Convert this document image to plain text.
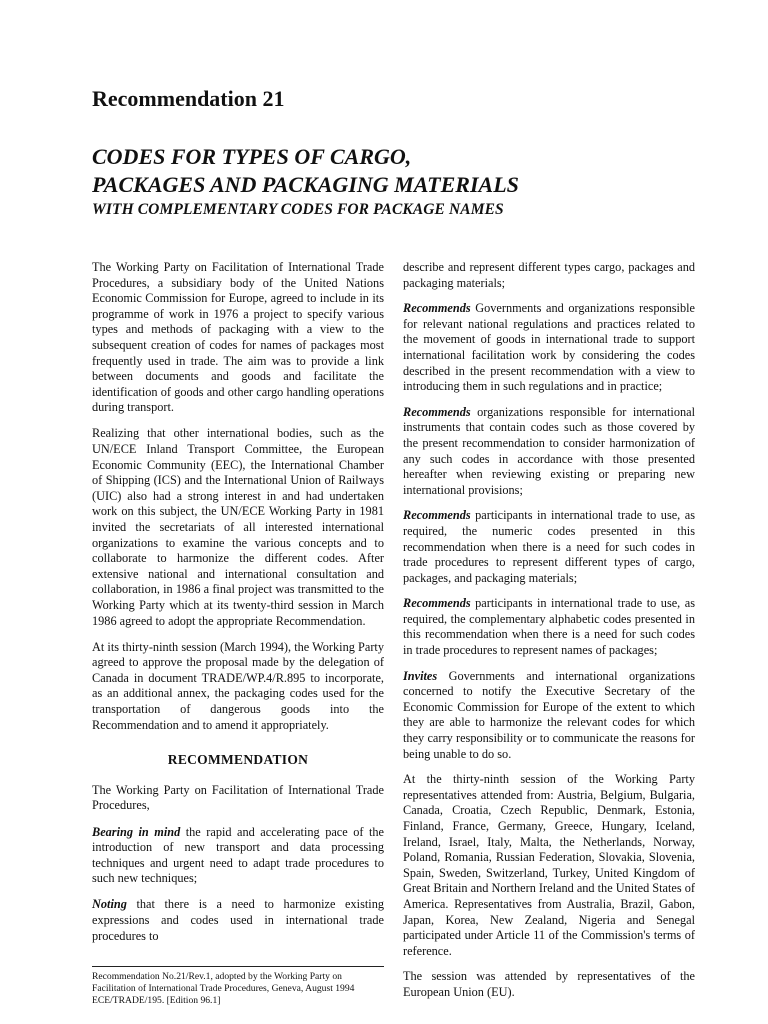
Recommendation 21
CODES FOR TYPES OF CARGO,
PACKAGES AND PACKAGING MATERIALS
WITH COMPLEMENTARY CODES FOR PACKAGE NAMES

The Working Party on Facilitation of International Trade Procedures, a subsidiary body of the United Nations Economic Commission for Europe, agreed to include in its programme of work in 1976 a project to specify various types and methods of packaging with a view to the subsequent creation of codes for names of packages most frequently used in trade. The aim was to provide a link between documents and goods and facilitate the identification of goods and other cargo handling operations during transport.

Realizing that other international bodies, such as the UN/ECE Inland Transport Committee, the European Economic Community (EEC), the International Chamber of Shipping (ICS) and the International Union of Railways (UIC) also had a strong interest in and had undertaken work on this subject, the UN/ECE Working Party in 1981 invited the secretariats of all interested international organizations to examine the various concepts and to collaborate to harmonize the different codes. After extensive national and international consultation and collaboration, in 1986 a final project was transmitted to the Working Party which at its twenty-third session in March 1986 agreed to adopt the appropriate Recommendation.

At its thirty-ninth session (March 1994), the Working Party agreed to approve the proposal made by the delegation of Canada in document TRADE/WP.4/R.895 to incorporate, as an additional annex, the packaging codes used for the transportation of dangerous goods into the Recommendation and to amend it appropriately.

RECOMMENDATION

The Working Party on Facilitation of International Trade Procedures,

Bearing in mind the rapid and accelerating pace of the introduction of new transport and data processing techniques and urgent need to adapt trade procedures to such new techniques;

Noting that there is a need to harmonize existing expressions and codes used in international trade procedures to

describe and represent different types cargo, packages and packaging materials;

Recommends Governments and organizations responsible for relevant national regulations and practices related to the movement of goods in international trade to support international facilitation work by considering the codes described in the present recommendation with a view to introducing them in such regulations and in practice;

Recommends organizations responsible for international instruments that contain codes such as those covered by the present recommendation to consider harmonization of any such codes in accordance with those presented hereafter when reviewing existing or preparing new international provisions;

Recommends participants in international trade to use, as required, the numeric codes presented in this recommendation when there is a need for such codes in trade procedures to represent different types of cargo, packages, and packaging materials;

Recommends participants in international trade to use, as required, the complementary alphabetic codes presented in this recommendation when there is a need for such codes in trade procedures to represent names of packages;

Invites Governments and international organizations concerned to notify the Executive Secretary of the Economic Commission for Europe of the extent to which they are able to harmonize the relevant codes for which they carry responsibility or to communicate the reasons for being unable to do so.

At the thirty-ninth session of the Working Party representatives attended from: Austria, Belgium, Bulgaria, Canada, Croatia, Czech Republic, Denmark, Estonia, Finland, France, Germany, Greece, Hungary, Iceland, Ireland, Israel, Italy, Malta, the Netherlands, Norway, Poland, Romania, Russian Federation, Slovakia, Slovenia, Spain, Sweden, Switzerland, Turkey, United Kingdom of Great Britain and Northern Ireland and the United States of America. Representatives from Australia, Brazil, Gabon, Japan, Korea, New Zealand, Nigeria and Senegal participated under Article 11 of the Commission's terms of reference.

The session was attended by representatives of the European Union (EU).

Recommendation No.21/Rev.1, adopted by the Working Party on
Facilitation of International Trade Procedures, Geneva, August 1994
ECE/TRADE/195. [Edition 96.1]
